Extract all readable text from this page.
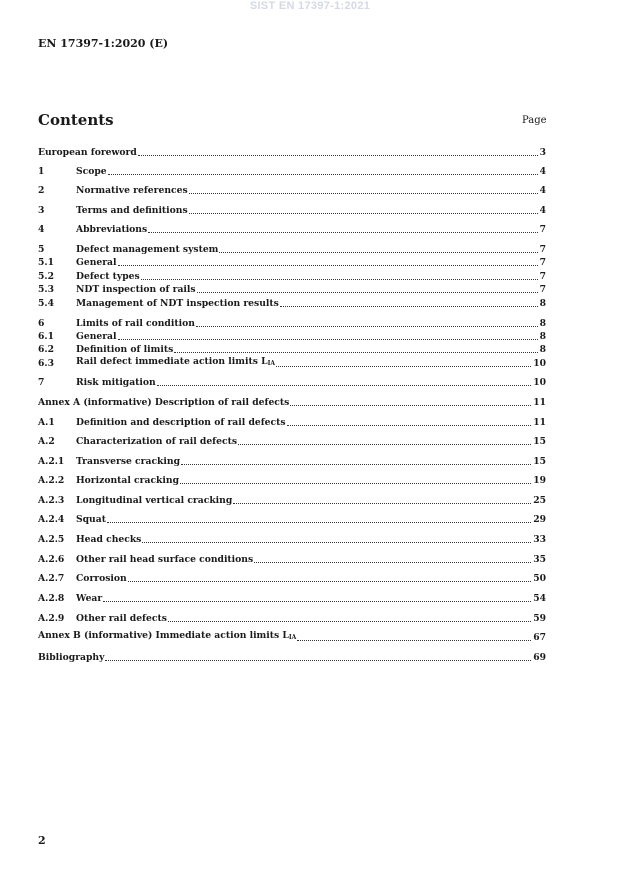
SIST EN 17397-1:2021
EN 17397-1:2020 (E)
Contents	Page
European foreword	3
1	Scope	4
2	Normative references	4
3	Terms and definitions	4
4	Abbreviations	7
5	Defect management system	7
5.1	General	7
5.2	Defect types	7
5.3	NDT inspection of rails	7
5.4	Management of NDT inspection results	8
6	Limits of rail condition	8
6.1	General	8
6.2	Definition of limits	8
6.3	Rail defect immediate action limits $L_{IA}$	10
7	Risk mitigation	10
Annex A (informative) Description of rail defects	11
A.1	Definition and description of rail defects	11
A.2	Characterization of rail defects	15
A.2.1	Transverse cracking	15
A.2.2	Horizontal cracking	19
A.2.3	Longitudinal vertical cracking	25
A.2.4	Squat	29
A.2.5	Head checks	33
A.2.6	Other rail head surface conditions	35
A.2.7	Corrosion	50
A.2.8	Wear	54
A.2.9	Other rail defects	59
Annex B (informative) Immediate action limits $L_{IA}$	67
Bibliography	69
2
